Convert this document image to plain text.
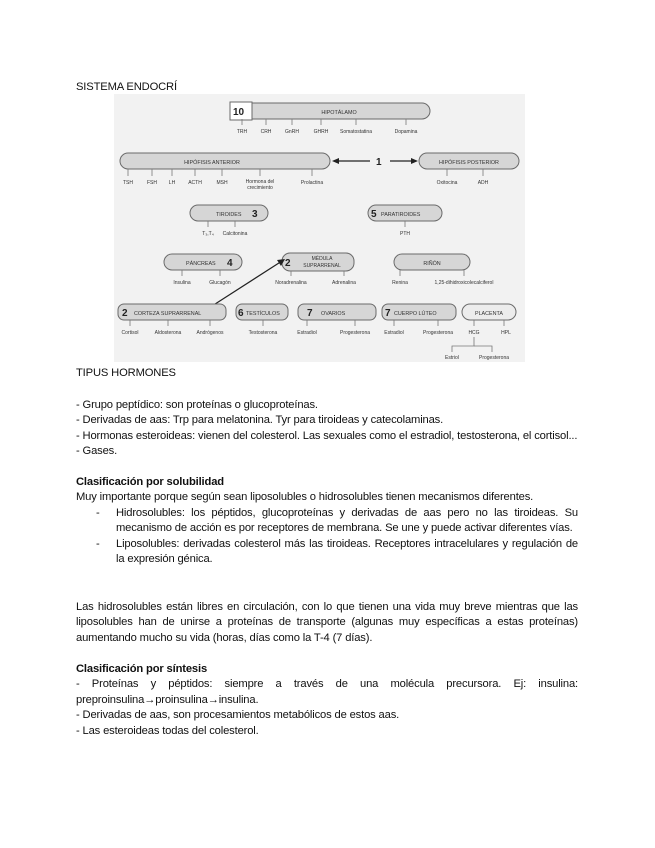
SISTEMA ENDOCRÍ
10	HIPOTÁLAMO
TRH	CRH	GnRH	GHRH Somatostatina	Dopamina
HIPÓFISIS ANTERIOR
TSH	FSH LH	ACTH	MSH	Hormona del
crecimiento
Prolactina
1	HIPÓFISIS POSTERIOR
Oxitocina	ADH
TIROIDES 3
T₃,T₄ Calcitonina
5 PARATIROIDES
PTH
PÁNCREAS 4
Insulina	Glucagón
2	MÉDULA
SUPRARRENAL
Noradrenalina	Adrenalina
RIÑÓN
Renina	1,25-dihidroxicolecalciferol
2 CORTEZA SUPRARRENAL
Cortisol	Aldosterona	Andrógenos
6 TESTÍCULOS
Testosterona
7 OVARIOS
Estradiol	Progesterona
7 CUERPO LÚTEO
Estradiol	Progesterona
PLACENTA
HCG	HPL
Estriol	Progesterona
TIPUS HORMONES
- Grupo peptídico: son proteínas o glucoproteínas.
- Derivadas de aas: Trp para melatonina. Tyr para tiroideas y catecolaminas.
- Hormonas esteroideas: vienen del colesterol. Las sexuales como el estradiol, testosterona, el cortisol...
- Gases.
Clasificación por solubilidad
Muy importante porque según sean liposolubles o hidrosolubles tienen mecanismos diferentes.
- Hidrosolubles: los péptidos, glucoproteínas y derivadas de aas pero no las tiroideas. Su mecanismo de acción es por receptores de membrana. Se une y puede activar diferentes vías.
- Liposolubles: derivadas colesterol más las tiroideas. Receptores intracelulares y regulación de la expresión génica.
Las hidrosolubles están libres en circulación, con lo que tienen una vida muy breve mientras que las liposolubles han de unirse a proteínas de transporte (algunas muy específicas a estas proteínas) aumentando mucho su vida (horas, días como la T-4 (7 días).
Clasificación por síntesis
- Proteínas y péptidos: siempre a través de una molécula precursora. Ej: insulina: preproinsulina→proinsulina→insulina.
- Derivadas de aas, son procesamientos metabólicos de estos aas.
- Las esteroideas todas del colesterol.
